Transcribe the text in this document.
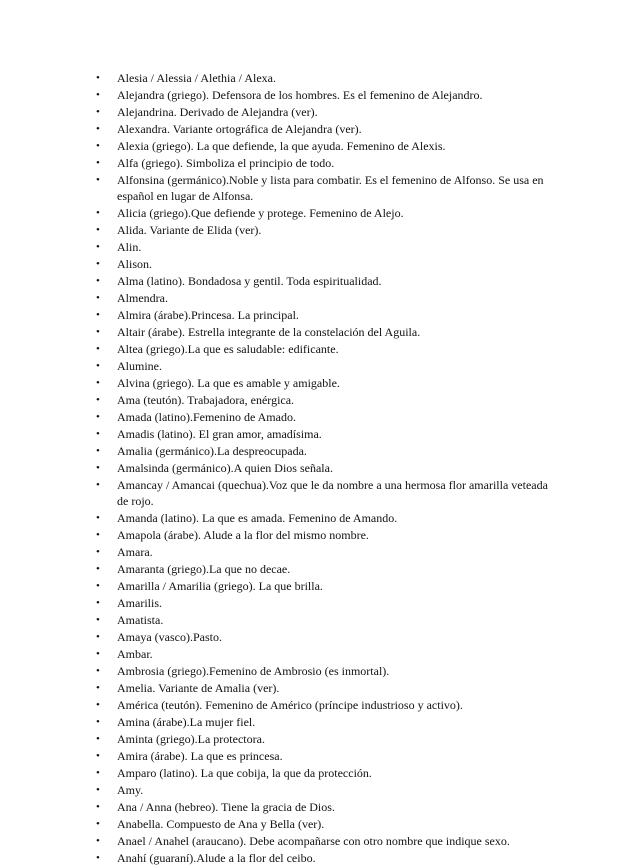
•	Alesia / Alessia / Alethia / Alexa.
•	Alejandra (griego). Defensora de los hombres. Es el femenino de Alejandro.
•	Alejandrina. Derivado de Alejandra (ver).
•	Alexandra. Variante ortográfica de Alejandra (ver).
•	Alexia (griego). La que defiende, la que ayuda. Femenino de Alexis.
•	Alfa (griego). Simboliza el principio de todo.
•	Alfonsina (germánico).Noble y lista para combatir. Es el femenino de Alfonso. Se usa en español en lugar de Alfonsa.
•	Alicia (griego).Que defiende y protege. Femenino de Alejo.
•	Alida. Variante de Elida (ver).
•	Alin.
•	Alison.
•	Alma (latino). Bondadosa y gentil. Toda espiritualidad.
•	Almendra.
•	Almira (árabe).Princesa. La principal.
•	Altair (árabe). Estrella integrante de la constelación del Aguila.
•	Altea (griego).La que es saludable: edificante.
•	Alumine.
•	Alvina (griego). La que es amable y amigable.
•	Ama (teutón). Trabajadora, enérgica.
•	Amada (latino).Femenino de Amado.
•	Amadis (latino). El gran amor, amadísima.
•	Amalia (germánico).La despreocupada.
•	Amalsinda (germánico).A quien Dios señala.
•	Amancay / Amancai (quechua).Voz que le da nombre a una hermosa flor amarilla veteada de rojo.
•	Amanda (latino). La que es amada. Femenino de Amando.
•	Amapola (árabe). Alude a la flor del mismo nombre.
•	Amara.
•	Amaranta (griego).La que no decae.
•	Amarilla / Amarilia (griego). La que brilla.
•	Amarilis.
•	Amatista.
•	Amaya (vasco).Pasto.
•	Ambar.
•	Ambrosia (griego).Femenino de Ambrosio (es inmortal).
•	Amelia. Variante de Amalia (ver).
•	América (teutón). Femenino de Américo (príncipe industrioso y activo).
•	Amina (árabe).La mujer fiel.
•	Aminta (griego).La protectora.
•	Amira (árabe). La que es princesa.
•	Amparo (latino). La que cobija, la que da protección.
•	Amy.
•	Ana / Anna (hebreo). Tiene la gracia de Dios.
•	Anabella. Compuesto de Ana y Bella (ver).
•	Anael / Anahel (araucano). Debe acompañarse con otro nombre que indique sexo.
•	Anahí (guaraní).Alude a la flor del ceibo.
